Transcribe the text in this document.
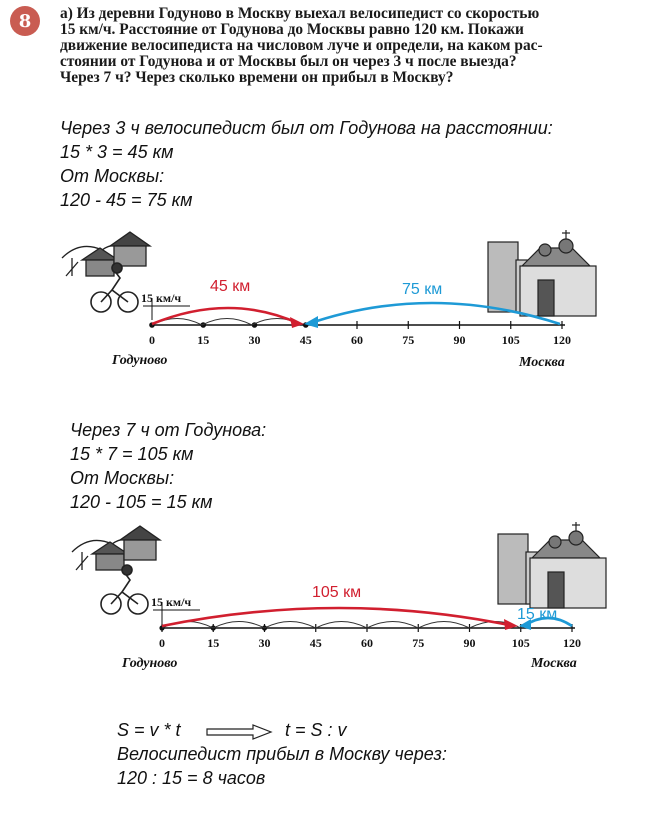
8	а) Из деревни Годуново в Москву выехал велосипедист со скоростью
15 км/ч. Расстояние от Годунова до Москвы равно 120 км. Покажи
движение велосипедиста на числовом луче и определи, на каком рас-
стоянии от Годунова и от Москвы был он через 3 ч после выезда?
Через 7 ч? Через сколько времени он прибыл в Москву?
Через 3 ч велосипедист был от Годунова на расстоянии:
15 * 3 = 45 км
От Москвы:
120 - 45 = 75 км
15 км/ч
0	15	30	45	60	75	90	105	120
45 км	75 км
Годуново	Москва
Через 7 ч от Годунова:
15 * 7 = 105 км
От Москвы:
120 - 105 = 15 км
15 км/ч
0	15	30	45	60	75	90	105	120
105 км
15 км
Годуново	Москва
S = v * t	t = S : v
Велосипедист прибыл в Москву через:
120 : 15 = 8 часов
